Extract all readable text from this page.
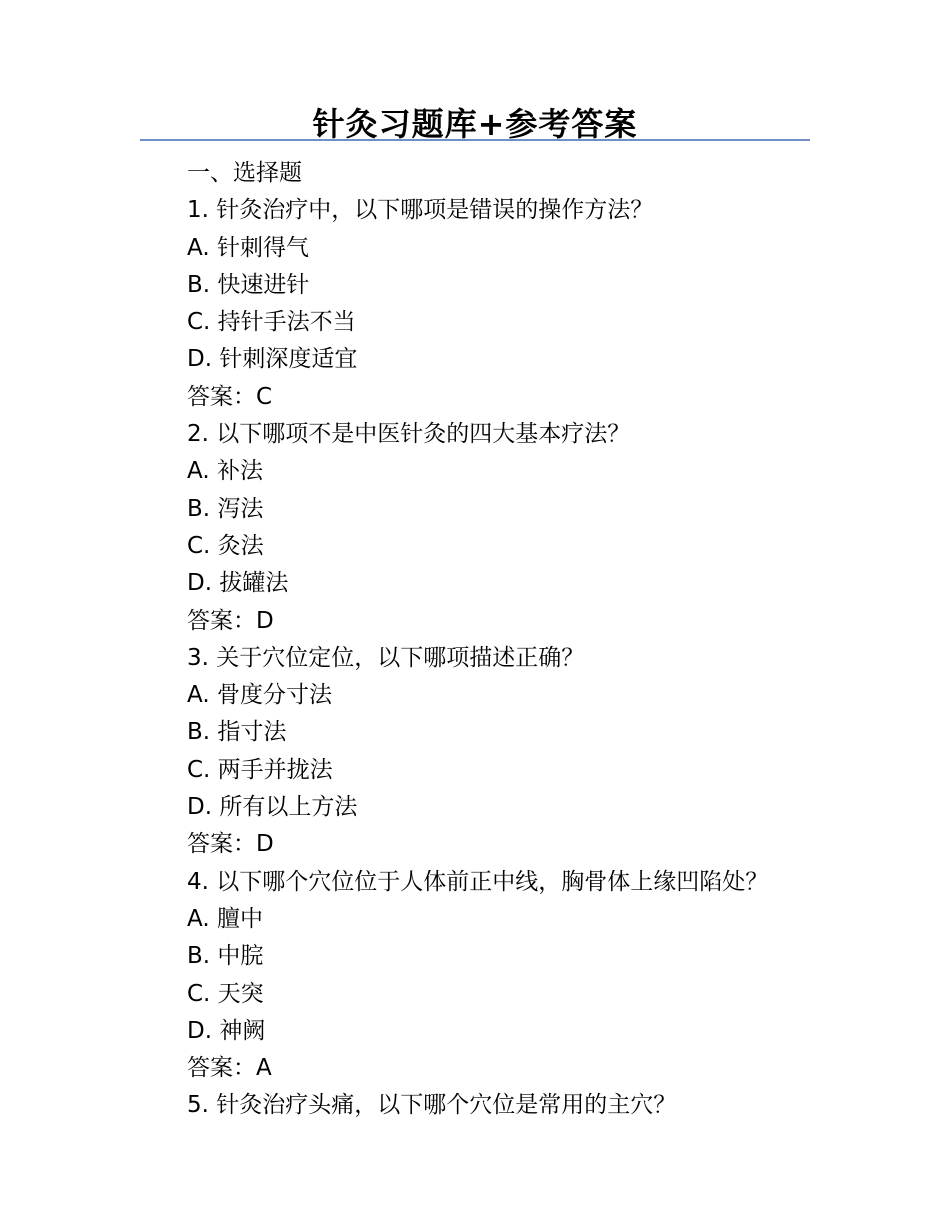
针灸习题库+参考答案

一、选择题

1. 针灸治疗中，以下哪项是错误的操作方法？

A. 针刺得气

B. 快速进针

C. 持针手法不当

D. 针刺深度适宜

答案：C

2. 以下哪项不是中医针灸的四大基本疗法？

A. 补法

B. 泻法

C. 灸法

D. 拔罐法

答案：D

3. 关于穴位定位，以下哪项描述正确？

A. 骨度分寸法

B. 指寸法

C. 两手并拢法

D. 所有以上方法

答案：D

4. 以下哪个穴位位于人体前正中线，胸骨体上缘凹陷处？

A. 膻中

B. 中脘

C. 天突

D. 神阙

答案：A

5. 针灸治疗头痛，以下哪个穴位是常用的主穴？
